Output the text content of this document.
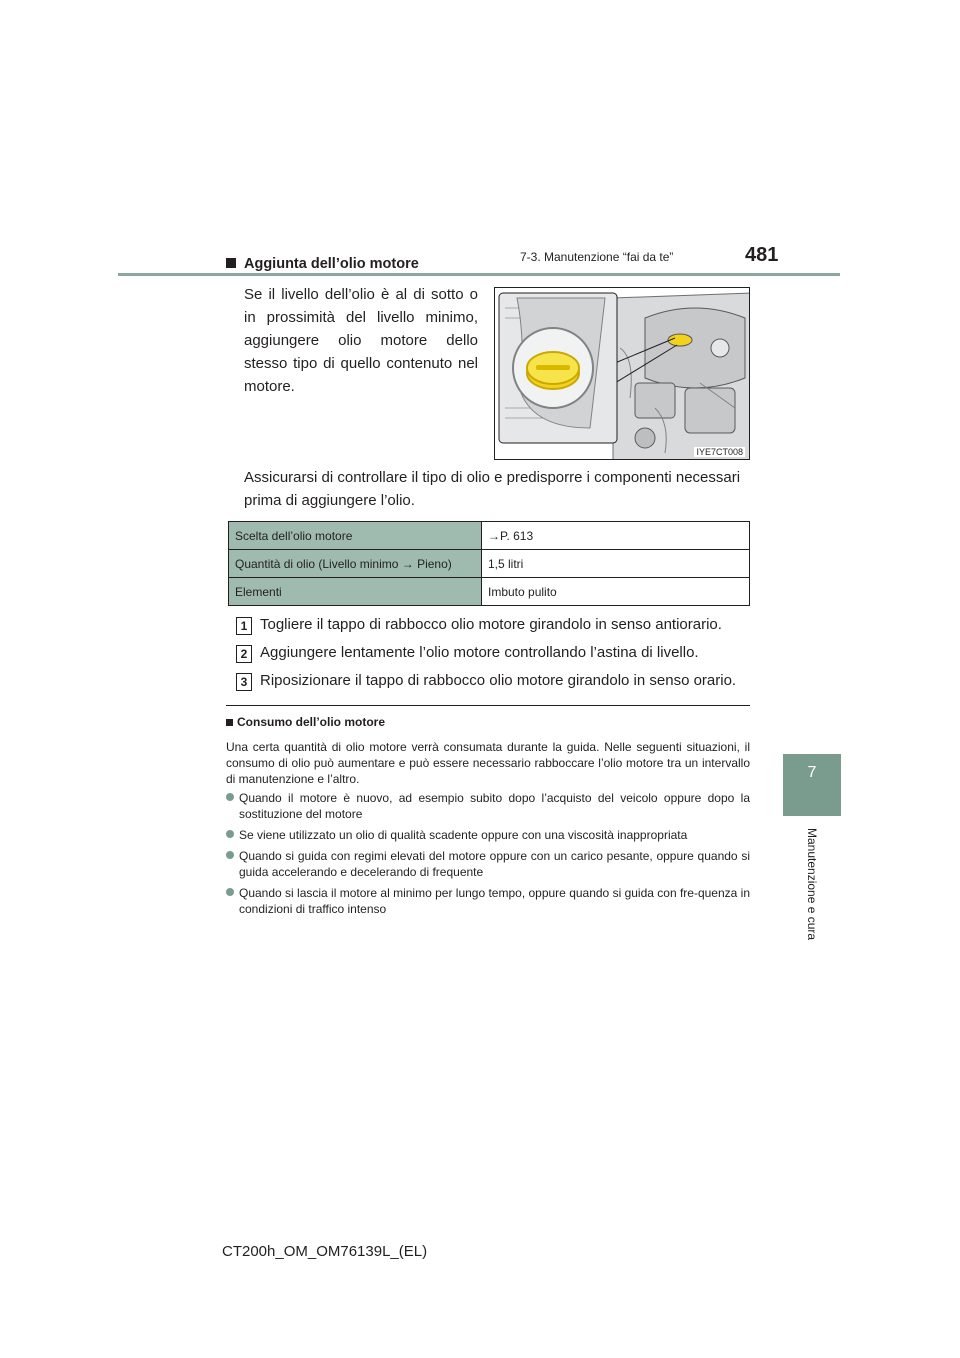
7-3. Manutenzione “fai da te”	481
7
Manutenzione e cura
Aggiunta dell’olio motore
Se il livello dell’olio è al di sotto o in prossimità del livello minimo, aggiungere olio motore dello stesso tipo di quello contenuto nel motore.
IYE7CT008
Assicurarsi di controllare il tipo di olio e predisporre i componenti necessari prima di aggiungere l’olio.
Scelta dell’olio motore	→P. 613
Quantità di olio (Livello minimo → Pieno)	1,5 litri
Elementi	Imbuto pulito
1 Togliere il tappo di rabbocco olio motore girandolo in senso antiorario.
2 Aggiungere lentamente l’olio motore controllando l’astina di livello.
3 Riposizionare il tappo di rabbocco olio motore girandolo in senso orario.
Consumo dell’olio motore
Una certa quantità di olio motore verrà consumata durante la guida. Nelle seguenti situazioni, il consumo di olio può aumentare e può essere necessario rabboccare l’olio motore tra un intervallo di manutenzione e l’altro.
Quando il motore è nuovo, ad esempio subito dopo l’acquisto del veicolo oppure dopo la sostituzione del motore
Se viene utilizzato un olio di qualità scadente oppure con una viscosità inappropriata
Quando si guida con regimi elevati del motore oppure con un carico pesante, oppure quando si guida accelerando e decelerando di frequente
Quando si lascia il motore al minimo per lungo tempo, oppure quando si guida con fre-quenza in condizioni di traffico intenso
CT200h_OM_OM76139L_(EL)
